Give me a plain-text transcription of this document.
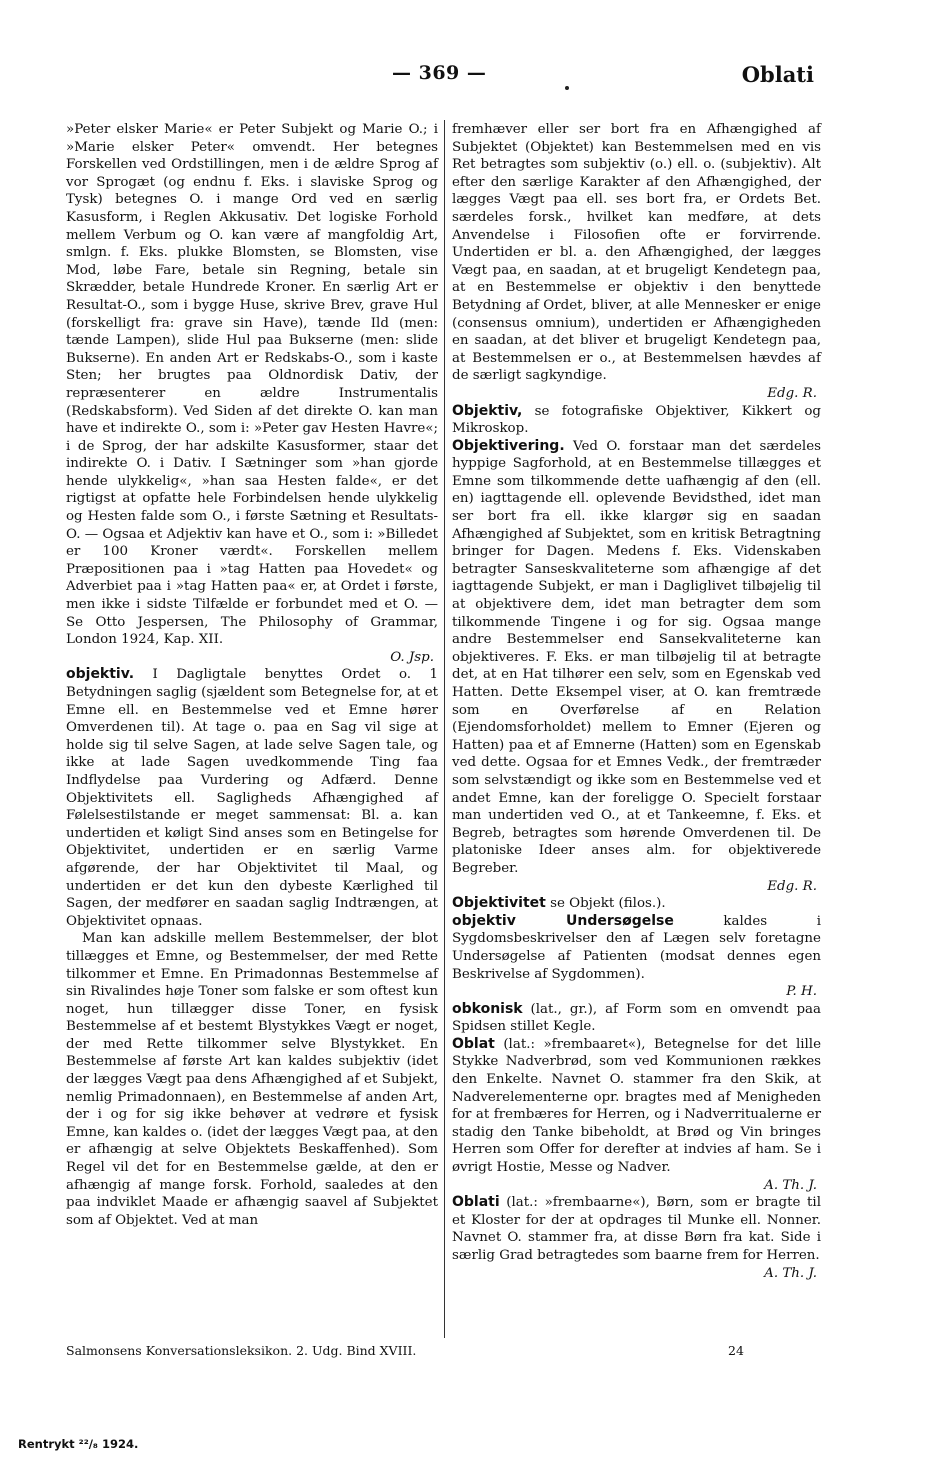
— 369 —	Oblati

»Peter elsker Marie« er Peter Subjekt og Marie O.; i »Marie elsker Peter« omvendt. Her betegnes Forskellen ved Ordstillingen, men i de ældre Sprog af vor Sprogæt (og endnu f. Eks. i slaviske Sprog og Tysk) betegnes O. i mange Ord ved en særlig Kasusform, i Reglen Akkusativ. Det logiske Forhold mellem Verbum og O. kan være af mangfoldig Art, smlgn. f. Eks. plukke Blomsten, se Blomsten, vise Mod, løbe Fare, betale sin Regning, betale sin Skrædder, betale Hundrede Kroner. En særlig Art er Resultat-O., som i bygge Huse, skrive Brev, grave Hul (forskelligt fra: grave sin Have), tænde Ild (men: tænde Lampen), slide Hul paa Bukserne (men: slide Bukserne). En anden Art er Redskabs-O., som i kaste Sten; her brugtes paa Oldnordisk Dativ, der repræsenterer en ældre Instrumentalis (Redskabsform). Ved Siden af det direkte O. kan man have et indirekte O., som i: »Peter gav Hesten Havre«; i de Sprog, der har adskilte Kasusformer, staar det indirekte O. i Dativ. I Sætninger som »han gjorde hende ulykkelig«, »han saa Hesten falde«, er det rigtigst at opfatte hele Forbindelsen hende ulykkelig og Hesten falde som O., i første Sætning et Resultats-O. — Ogsaa et Adjektiv kan have et O., som i: »Billedet er 100 Kroner værdt«. Forskellen mellem Præpositionen paa i »tag Hatten paa Hovedet« og Adverbiet paa i »tag Hatten paa« er, at Ordet i første, men ikke i sidste Tilfælde er forbundet med et O. — Se Otto Jespersen, The Philosophy of Grammar, London 1924, Kap. XII.
O. Jsp.

objektiv. I Dagligtale benyttes Ordet o. 1 Betydningen saglig (sjældent som Betegnelse for, at et Emne ell. en Bestemmelse ved et Emne hører Omverdenen til). At tage o. paa en Sag vil sige at holde sig til selve Sagen, at lade selve Sagen tale, og ikke at lade Sagen uvedkommende Ting faa Indflydelse paa Vurdering og Adfærd. Denne Objektivitets ell. Sagligheds Afhængighed af Følelsestilstande er meget sammensat: Bl. a. kan undertiden et køligt Sind anses som en Betingelse for Objektivitet, undertiden er en særlig Varme afgørende, der har Objektivitet til Maal, og undertiden er det kun den dybeste Kærlighed til Sagen, der medfører en saadan saglig Indtrængen, at Objektivitet opnaas.

Man kan adskille mellem Bestemmelser, der blot tillægges et Emne, og Bestemmelser, der med Rette tilkommer et Emne. En Primadonnas Bestemmelse af sin Rivalindes høje Toner som falske er som oftest kun noget, hun tillægger disse Toner, en fysisk Bestemmelse af et bestemt Blystykkes Vægt er noget, der med Rette tilkommer selve Blystykket. En Bestemmelse af første Art kan kaldes subjektiv (idet der lægges Vægt paa dens Afhængighed af et Subjekt, nemlig Primadonnaen), en Bestemmelse af anden Art, der i og for sig ikke behøver at vedrøre et fysisk Emne, kan kaldes o. (idet der lægges Vægt paa, at den er afhængig at selve Objektets Beskaffenhed). Som Regel vil det for en Bestemmelse gælde, at den er afhængig af mange forsk. Forhold, saaledes at den paa indviklet Maade er afhængig saavel af Subjektet som af Objektet. Ved at man

fremhæver eller ser bort fra en Afhængighed af Subjektet (Objektet) kan Bestemmelsen med en vis Ret betragtes som subjektiv (o.) ell. o. (subjektiv). Alt efter den særlige Karakter af den Afhængighed, der lægges Vægt paa ell. ses bort fra, er Ordets Bet. særdeles forsk., hvilket kan medføre, at dets Anvendelse i Filosofien ofte er forvirrende. Undertiden er bl. a. den Afhængighed, der lægges Vægt paa, en saadan, at et brugeligt Kendetegn paa, at en Bestemmelse er objektiv i den benyttede Betydning af Ordet, bliver, at alle Mennesker er enige (consensus omnium), undertiden er Afhængigheden en saadan, at det bliver et brugeligt Kendetegn paa, at Bestemmelsen er o., at Bestemmelsen hævdes af de særligt sagkyndige.
Edg. R.

Objektiv, se fotografiske Objektiver, Kikkert og Mikroskop.

Objektivering. Ved O. forstaar man det særdeles hyppige Sagforhold, at en Bestemmelse tillægges et Emne som tilkommende dette uafhængig af den (ell. en) iagttagende ell. oplevende Bevidsthed, idet man ser bort fra ell. ikke klargør sig en saadan Afhængighed af Subjektet, som en kritisk Betragtning bringer for Dagen. Medens f. Eks. Videnskaben betragter Sanseskvaliteterne som afhængige af det iagttagende Subjekt, er man i Dagliglivet tilbøjelig til at objektivere dem, idet man betragter dem som tilkommende Tingene i og for sig. Ogsaa mange andre Bestemmelser end Sansekvaliteterne kan objektiveres. F. Eks. er man tilbøjelig til at betragte det, at en Hat tilhører een selv, som en Egenskab ved Hatten. Dette Eksempel viser, at O. kan fremtræde som en Overførelse af en Relation (Ejendomsforholdet) mellem to Emner (Ejeren og Hatten) paa et af Emnerne (Hatten) som en Egenskab ved dette. Ogsaa for et Emnes Vedk., der fremtræder som selvstændigt og ikke som en Bestemmelse ved et andet Emne, kan der foreligge O. Specielt forstaar man undertiden ved O., at et Tankeemne, f. Eks. et Begreb, betragtes som hørende Omverdenen til. De platoniske Ideer anses alm. for objektiverede Begreber.
Edg. R.

Objektivitet se Objekt (filos.).

objektiv Undersøgelse kaldes i Sygdomsbeskrivelser den af Lægen selv foretagne Undersøgelse af Patienten (modsat dennes egen Beskrivelse af Sygdommen).
P. H.

obkonisk (lat., gr.), af Form som en omvendt paa Spidsen stillet Kegle.

Oblat (lat.: »frembaaret«), Betegnelse for det lille Stykke Nadverbrød, som ved Kommunionen rækkes den Enkelte. Navnet O. stammer fra den Skik, at Nadverelementerne opr. bragtes med af Menigheden for at frembæres for Herren, og i Nadverritualerne er stadig den Tanke bibeholdt, at Brød og Vin bringes Herren som Offer for derefter at indvies af ham. Se i øvrigt Hostie, Messe og Nadver.
A. Th. J.

Oblati (lat.: »frembaarne«), Børn, som er bragte til et Kloster for der at opdrages til Munke ell. Nonner. Navnet O. stammer fra, at disse Børn fra kat. Side i særlig Grad betragtedes som baarne frem for Herren.
A. Th. J.

Salmonsens Konversationsleksikon. 2. Udg. Bind XVIII.	24
Rentrykt ²²/₈ 1924.
